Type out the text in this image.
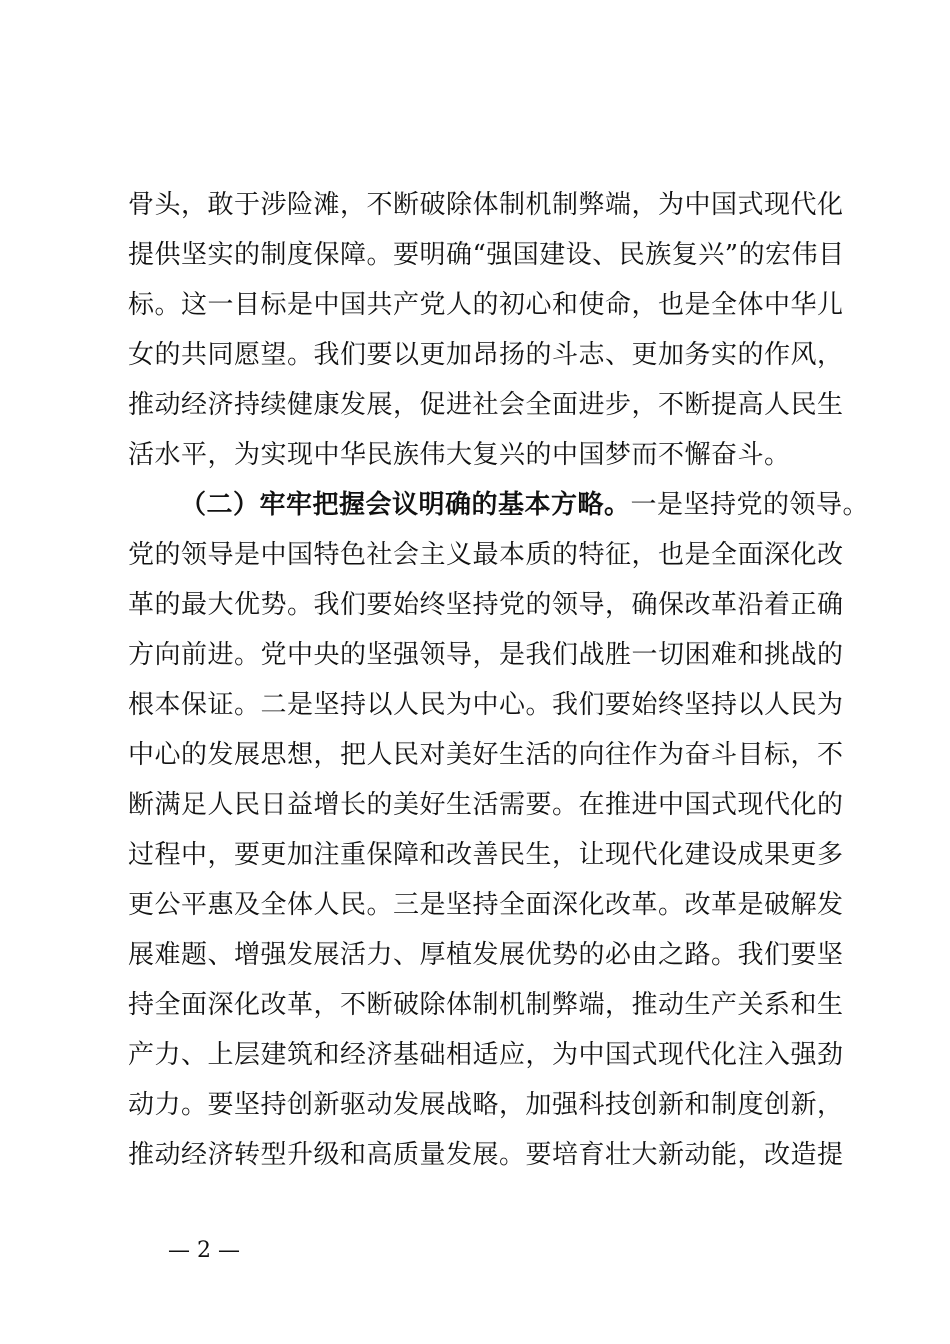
骨头，敢于涉险滩，不断破除体制机制弊端，为中国式现代化
提供坚实的制度保障。要明确“强国建设、民族复兴”的宏伟目
标。这一目标是中国共产党人的初心和使命，也是全体中华儿
女的共同愿望。我们要以更加昂扬的斗志、更加务实的作风，
推动经济持续健康发展，促进社会全面进步，不断提高人民生
活水平，为实现中华民族伟大复兴的中国梦而不懈奋斗。
（二）牢牢把握会议明确的基本方略。一是坚持党的领导。
党的领导是中国特色社会主义最本质的特征，也是全面深化改
革的最大优势。我们要始终坚持党的领导，确保改革沿着正确
方向前进。党中央的坚强领导，是我们战胜一切困难和挑战的
根本保证。二是坚持以人民为中心。我们要始终坚持以人民为
中心的发展思想，把人民对美好生活的向往作为奋斗目标，不
断满足人民日益增长的美好生活需要。在推进中国式现代化的
过程中，要更加注重保障和改善民生，让现代化建设成果更多
更公平惠及全体人民。三是坚持全面深化改革。改革是破解发
展难题、增强发展活力、厚植发展优势的必由之路。我们要坚
持全面深化改革，不断破除体制机制弊端，推动生产关系和生
产力、上层建筑和经济基础相适应，为中国式现代化注入强劲
动力。要坚持创新驱动发展战略，加强科技创新和制度创新，
推动经济转型升级和高质量发展。要培育壮大新动能，改造提
— 2 —
